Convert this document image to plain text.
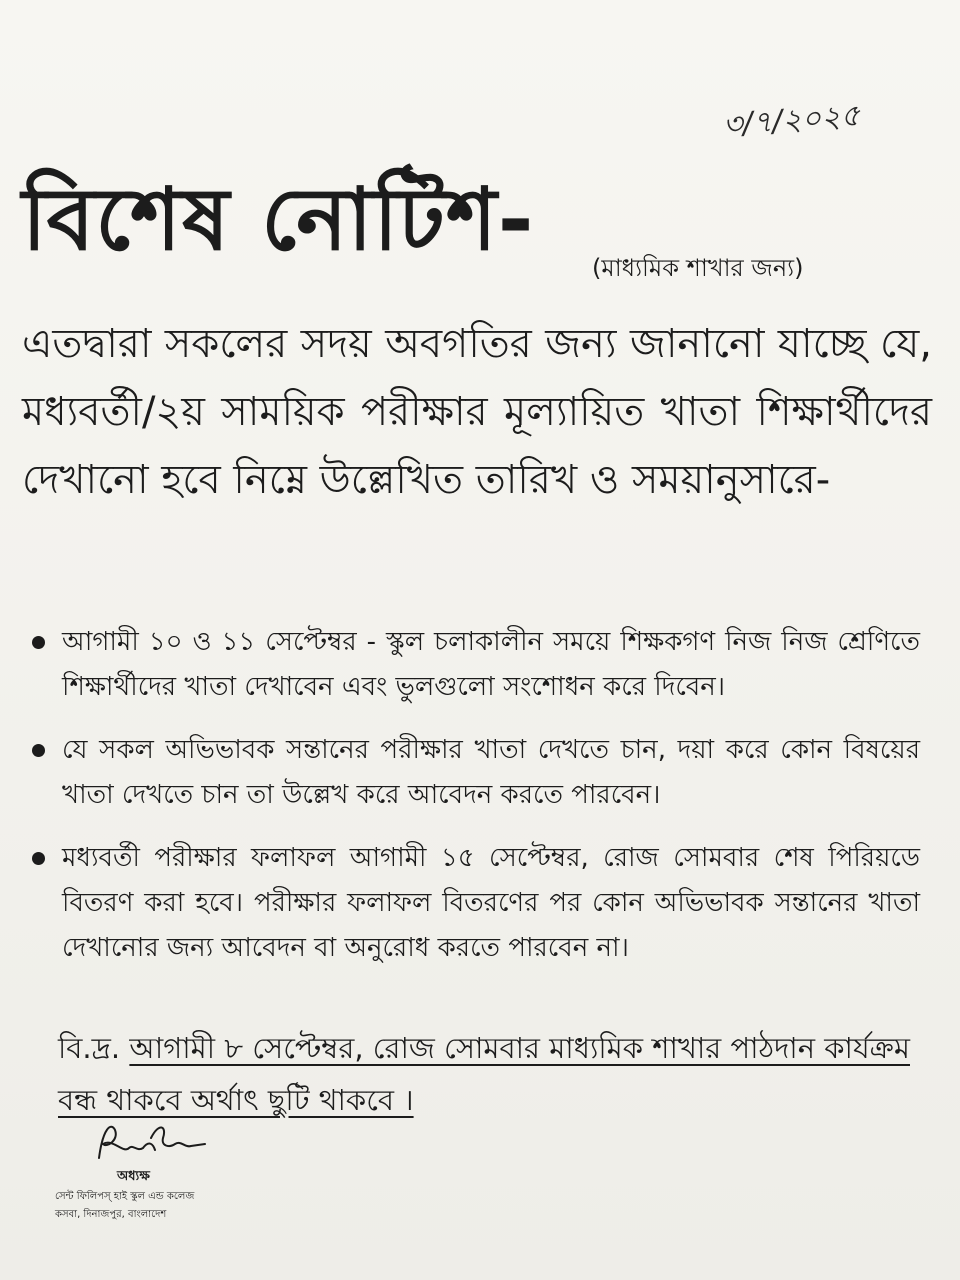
৩/৭/২০২৫
বিশেষ নোটিশ- (মাধ্যমিক শাখার জন্য)
এতদ্বারা সকলের সদয় অবগতির জন্য জানানো যাচ্ছে যে, মধ্যবর্তী/২য় সাময়িক পরীক্ষার মূল্যায়িত খাতা শিক্ষার্থীদের দেখানো হবে নিম্নে উল্লেখিত তারিখ ও সময়ানুসারে-
আগামী ১০ ও ১১ সেপ্টেম্বর - স্কুল চলাকালীন সময়ে শিক্ষকগণ নিজ নিজ শ্রেণিতে শিক্ষার্থীদের খাতা দেখাবেন এবং ভুলগুলো সংশোধন করে দিবেন।
যে সকল অভিভাবক সন্তানের পরীক্ষার খাতা দেখতে চান, দয়া করে কোন বিষয়ের খাতা দেখতে চান তা উল্লেখ করে আবেদন করতে পারবেন।
মধ্যবর্তী পরীক্ষার ফলাফল আগামী ১৫ সেপ্টেম্বর, রোজ সোমবার শেষ পিরিয়ডে বিতরণ করা হবে। পরীক্ষার ফলাফল বিতরণের পর কোন অভিভাবক সন্তানের খাতা দেখানোর জন্য আবেদন বা অনুরোধ করতে পারবেন না।
বি.দ্র. আগামী ৮ সেপ্টেম্বর, রোজ সোমবার মাধ্যমিক শাখার পাঠদান কার্যক্রম বন্ধ থাকবে অর্থাৎ ছুটি থাকবে ।
অধ্যক্ষ
সেন্ট ফিলিপস্ হাই স্কুল এন্ড কলেজ
কসবা, দিনাজপুর, বাংলাদেশ
